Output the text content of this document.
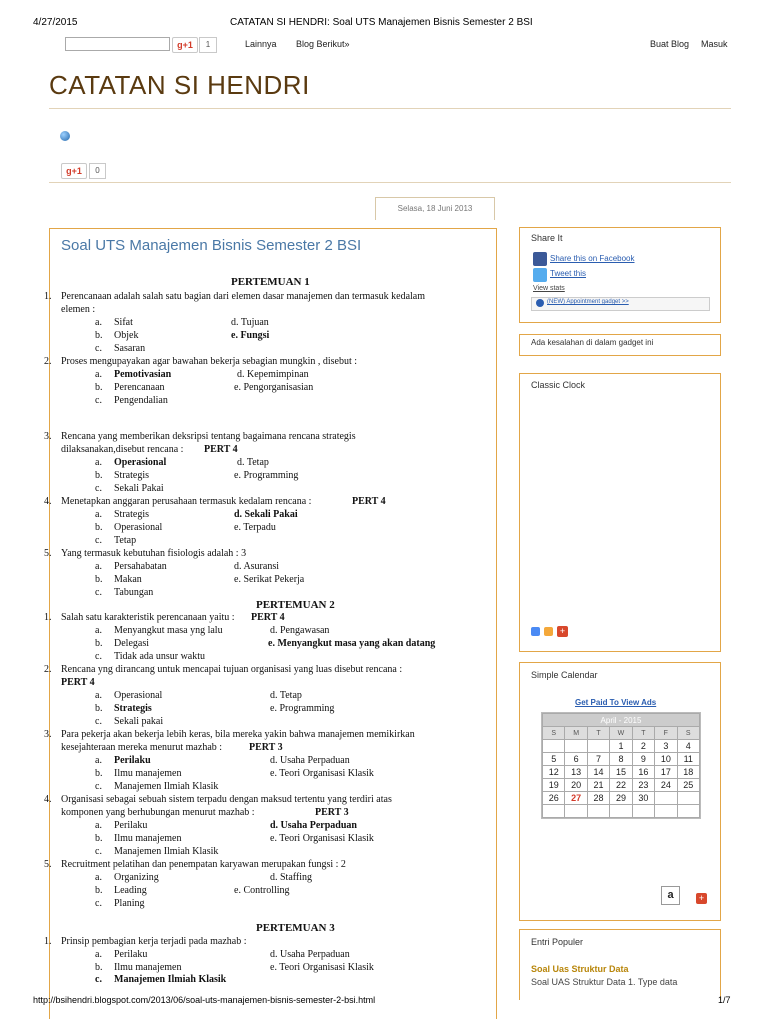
4/27/2015	CATATAN SI HENDRI: Soal UTS Manajemen Bisnis Semester 2 BSI
g+1	1	Lainnya Blog Berikut»	Buat Blog Masuk
CATATAN SI HENDRI
g+1	0
Selasa, 18 Juni 2013
Soal UTS Manajemen Bisnis Semester 2 BSI
PERTEMUAN 1
1. Perencanaan adalah salah satu bagian dari elemen dasar manajemen dan termasuk kedalam
elemen :
a. Sifat	d. Tujuan
b. Objek	e. Fungsi
c. Sasaran
2. Proses mengupayakan agar bawahan bekerja sebagian mungkin , disebut :
a. Pemotivasian	d. Kepemimpinan
b. Perencanaan	e. Pengorganisasian
c. Pengendalian
3. Rencana yang memberikan deksripsi tentang bagaimana rencana strategis
dilaksanakan,disebut rencana : PERT 4
a. Operasional	d. Tetap
b. Strategis	e. Programming
c. Sekali Pakai
4. Menetapkan anggaran perusahaan termasuk kedalam rencana :	PERT 4
a. Strategis	d. Sekali Pakai
b. Operasional	e. Terpadu
c. Tetap
5. Yang termasuk kebutuhan fisiologis adalah : 3
a. Persahabatan	d. Asuransi
b. Makan	e. Serikat Pekerja
c. Tabungan
PERTEMUAN 2
1. Salah satu karakteristik perencanaan yaitu : PERT 4
a. Menyangkut masa yng lalu	d. Pengawasan
b. Delegasi	e. Menyangkut masa yang akan datang
c. Tidak ada unsur waktu
2. Rencana yng dirancang untuk mencapai tujuan organisasi yang luas disebut rencana :
PERT 4
a. Operasional	d. Tetap
b. Strategis	e. Programming
c. Sekali pakai
3. Para pekerja akan bekerja lebih keras, bila mereka yakin bahwa manajemen memikirkan
kesejahteraan mereka menurut mazhab :	PERT 3
a. Perilaku	d. Usaha Perpaduan
b. Ilmu manajemen	e. Teori Organisasi Klasik
c. Manajemen Ilmiah Klasik
4. Organisasi sebagai sebuah sistem terpadu dengan maksud tertentu yang terdiri atas
komponen yang berhubungan menurut mazhab :	PERT 3
a. Perilaku	d. Usaha Perpaduan
b. Ilmu manajemen	e. Teori Organisasi Klasik
c. Manajemen Ilmiah Klasik
5. Recruitment pelatihan dan penempatan karyawan merupakan fungsi : 2
a. Organizing	d. Staffing
b. Leading	e. Controlling
c. Planing
PERTEMUAN 3
1. Prinsip pembagian kerja terjadi pada mazhab :
a. Perilaku	d. Usaha Perpaduan
b. Ilmu manajemen	e. Teori Organisasi Klasik
c. Manajemen Ilmiah Klasik
Share It
Share this on Facebook
Tweet this
View stats
(NEW) Appointment gadget >>
Ada kesalahan di dalam gadget ini
Classic Clock
+
Simple Calendar
Get Paid To View Ads
April - 2015						
S	M	T	W	T	F	S
			1	2	3	4
5	6	7	8	9	10	11
12	13	14	15	16	17	18
19	20	21	22	23	24	25
26	27	28	29	30		

a	+
Entri Populer
Soal Uas Struktur Data
Soal UAS Struktur Data 1. Type data
http://bsihendri.blogspot.com/2013/06/soal-uts-manajemen-bisnis-semester-2-bsi.html	1/7
